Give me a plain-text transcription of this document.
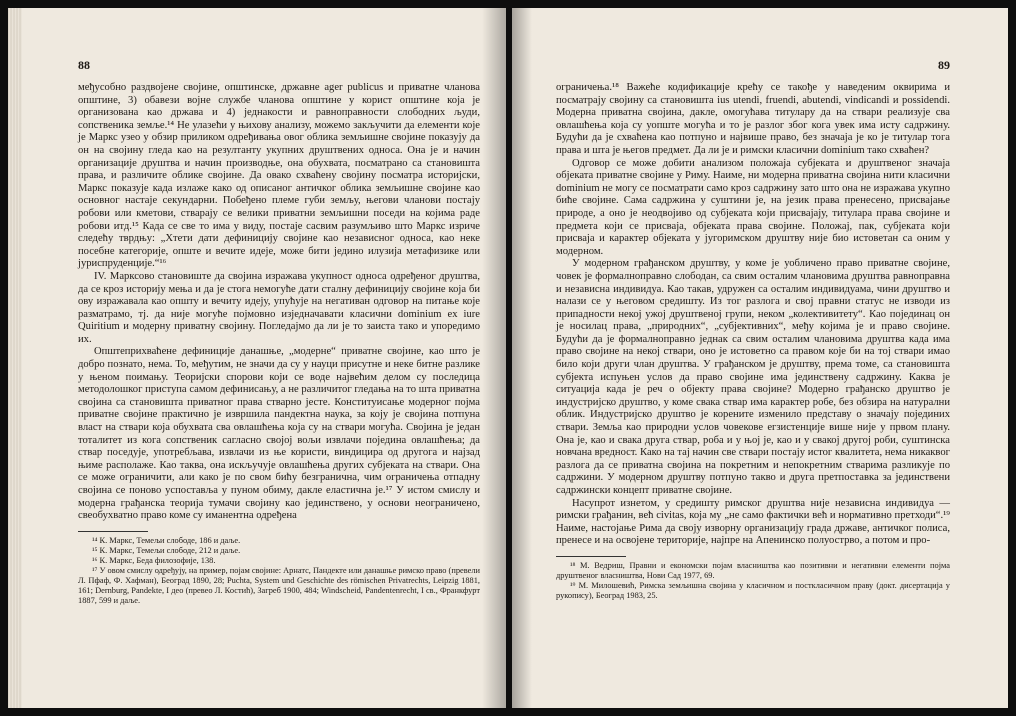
88

међусобно раздвојене својине, општинске, државне ager publicus и приватне чланова општине, 3) обавези војне службе чланова општине у корист општине која је организована као држава и 4) једнакости и равноправности слободних људи, сопственика земље.¹⁴ Не улазећи у њихову анализу, можемо закључити да елементи које је Маркс узео у обзир приликом одређивања овог облика земљишне својине показују да он на својину гледа као на резултанту укупних друштвених односа. Она је и начин организације друштва и начин производње, она обухвата, посматрано са становишта права, и различите облике својине. Да овако схваћену својину посматра историјски, Маркс показује када излаже како од описаног античког облика земљишне својине као основног настаје секундарни. Побеђено племе губи земљу, његови чланови постају робови или кметови, стварају се велики приватни земљишни поседи на којима раде робови итд.¹⁵ Када се све то има у виду, постаје сасвим разумљиво што Маркс изриче следећу тврдњу: „Хтети дати дефиницију својине као независног односа, као неке посебне категорије, опште и вечите идеје, може бити једино илузија метафизике или јуриспруденције.“¹⁶

IV. Марксово становиште да својина изражава укупност односа одређеног друштва, да се кроз историју мења и да је стога немогуће дати сталну дефиницију својине која би ову изражавала као општу и вечиту идеју, упућује на негативан одговор на питање које разматрамо, тј. да није могуће појмовно изједначавати класични dominium ex iure Quiritium и модерну приватну својину. Погледајмо да ли је то заиста тако и упоредимо их.

Општеприхваћене дефиниције данашње, „модерне“ приватне својине, као што је добро познато, нема. То, међутим, не значи да су у науци присутне и неке битне разлике у њеном поимању. Теоријски спорови који се воде највећим делом су последица методолошког приступа самом дефинисању, а не различитог гледања на то шта приватна својина са становишта приватног права стварно јесте. Конституисање модерног појма приватне својине практично је извршила пандектна наука, за коју је својина потпуна власт на ствари која обухвата сва овлашћења која су на ствари могућа. Својина је један тоталитет из кога сопственик сагласно својој вољи извлачи поједина овлашћења; да ствар поседује, употребљава, извлачи из ње користи, виндицира од другога и најзад њиме располаже. Као таква, она искључује овлашћења других субјеката на ствари. Она се може ограничити, али како је по свом бићу безгранична, чим ограничења отпадну својина се поново успоставља у пуном обиму, дакле еластична је.¹⁷ У истом смислу и модерна грађанска теорија тумачи својину као јединствено, у основи неограничено, свеобухватно право коме су иманентна одређена

¹⁴ К. Маркс, Темељи слободе, 186 и даље.

¹⁵ К. Маркс, Темељи слободе, 212 и даље.

¹⁶ К. Маркс, Беда филозофије, 138.

¹⁷ У овом смислу одређују, на пример, појам својине: Арнатс, Пандекте или данашње римско право (превели Л. Пфаф, Ф. Хафман), Београд 1890, 28; Puchta, System und Geschichte des römischen Privatrechts, Leipzig 1881, 161; Dernburg, Pandekte, I део (превео Л. Костић), Загреб 1900, 484; Windscheid, Pandentenrecht, I св., Франкфурт 1887, 599 и даље.

89

ограничења.¹⁸ Важеће кодификације крећу се такође у наведеним оквирима и посматрају својину са становишта ius utendi, fruendi, abutendi, vindicandi и possidendi. Модерна приватна својина, дакле, омогућава титулару да на ствари реализује сва овлашћења која су уопште могућа и то је разлог због кога увек има исту садржину. Будући да је схваћена као потпуно и највише право, без значаја је ко је титулар тога права и шта је његов предмет. Да ли је и римски класични dominium тако схваћен?

Одговор се може добити анализом положаја субјеката и друштвеног значаја објеката приватне својине у Риму. Наиме, ни модерна приватна својина нити класични dominium не могу се посматрати само кроз садржину зато што она не изражава укупно биће својине. Сама садржина у суштини је, на језик права пренесено, присвајање природе, а оно је неодвојиво од субјеката који присвајају, титулара права својине и предмета који се присваја, објеката права својине. Положај, пак, субјеката који присваја и карактер објеката у југоримском друштву није био истоветан са оним у модерном.

У модерном грађанском друштву, у коме је уобличено право приватне својине, човек је формалноправно слободан, са свим осталим члановима друштва равноправна и независна индивидуа. Као такав, удружен са осталим индивидуама, чини друштво и налази се у његовом средишту. Из тог разлога и свој правни статус не изводи из припадности некој ужој друштвеној групи, неком „колективитету“. Као појединац он је носилац права, „природних“, „субјективних“, међу којима је и право својине. Будући да је формалноправно једнак са свим осталим члановима друштва када има право својине на некој ствари, оно је истоветно са правом које би на тој ствари имао било који други члан друштва. У грађанском је друштву, према томе, са становишта субјекта испуњен услов да право својине има јединствену садржину. Каква је ситуација када је реч о објекту права својине? Модерно грађанско друштво је индустријско друштво, у коме свака ствар има карактер робе, без обзира на натурални облик. Индустријско друштво је корените изменило представу о значају појединих ствари. Земља као природни услов човекове егзистенције више није у првом плану. Она је, као и свака друга ствар, роба и у њој је, као и у свакој другој роби, суштинска новчана вредност. Како на тај начин све ствари постају истог квалитета, нема никаквог разлога да се приватна својина на покретним и непокретним стварима разликује по садржини. У модерном друштву потпуно такво и друга претпоставка за јединствени садржински концепт приватне својине.

Насупрот изнетом, у средишту римског друштва није независна индивидуа — римски грађанин, већ civitas, која му „не само фактички већ и нормативно претходи“.¹⁹ Наиме, настојање Рима да своју изворну организацију града државе, античког полиса, пренесе и на освојене територије, најпре на Апенинско полуострво, а потом и про-

¹⁸ М. Ведриш, Правни и економски појам власништва као позитивни и негативни елементи појма друштвеног власништва, Нови Сад 1977, 69.

¹⁹ М. Милошевић, Римска земљишна својина у класичном и посткласичном праву (докт. дисертација у рукопису), Београд 1983, 25.
